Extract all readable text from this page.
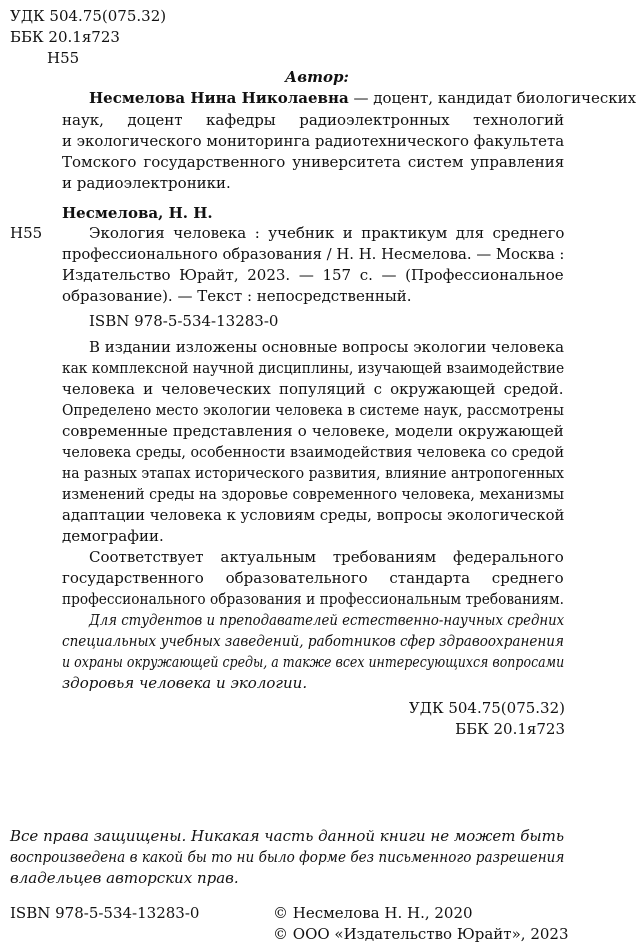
УДК 504.75(075.32)
ББК 20.1я723
Н55
Автор:
Несмелова Нина Николаевна — доцент, кандидат биологических
наук, доцент кафедры радиоэлектронных технологий
и экологического мониторинга радиотехнического факультета
Томского государственного университета систем управления
и радиоэлектроники.
Несмелова, Н. Н.
Н55	Экология человека : учебник и практикум для среднего
профессионального образования / Н. Н. Несмелова. — Москва :
Издательство Юрайт, 2023. — 157 с. — (Профессиональное
образование). — Текст : непосредственный.
ISBN 978-5-534-13283-0
В издании изложены основные вопросы экологии человека
как комплексной научной дисциплины, изучающей взаимодействие
человека и человеческих популяций с окружающей средой.
Определено место экологии человека в системе наук, рассмотрены
современные представления о человеке, модели окружающей
человека среды, особенности взаимодействия человека со средой
на разных этапах исторического развития, влияние антропогенных
изменений среды на здоровье современного человека, механизмы
адаптации человека к условиям среды, вопросы экологической
демографии.
Соответствует актуальным требованиям федерального
государственного образовательного стандарта среднего
профессионального образования и профессиональным требованиям.
Для студентов и преподавателей естественно-научных средних
специальных учебных заведений, работников сфер здравоохранения
и охраны окружающей среды, а также всех интересующихся вопросами
здоровья человека и экологии.
УДК 504.75(075.32)
ББК 20.1я723
Все права защищены. Никакая часть данной книги не может быть
воспроизведена в какой бы то ни было форме без письменного разрешения
владельцев авторских прав.
ISBN 978-5-534-13283-0	© Несмелова Н. Н., 2020
© ООО «Издательство Юрайт», 2023
